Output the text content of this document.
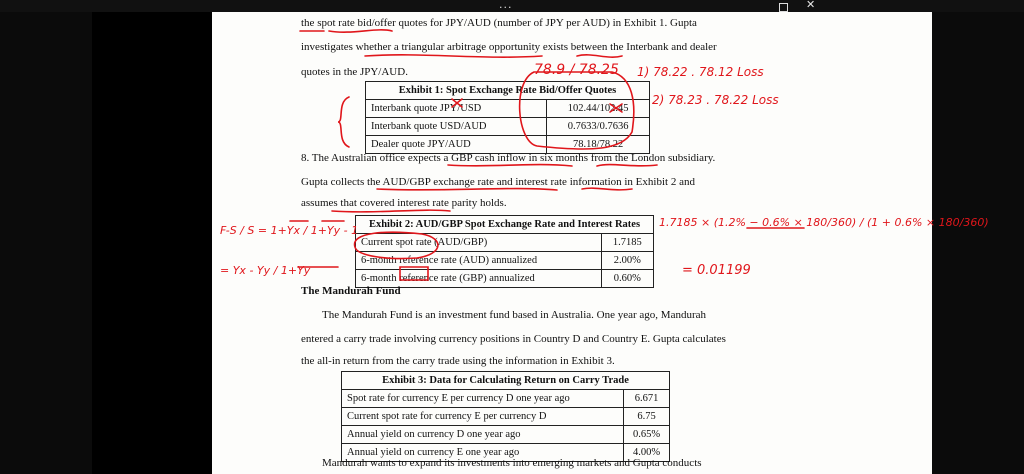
...	✕
the spot rate bid/offer quotes for JPY/AUD (number of JPY per AUD) in Exhibit 1. Gupta
investigates whether a triangular arbitrage opportunity exists between the Interbank and dealer
quotes in the JPY/AUD.
Exhibit 1: Spot Exchange Rate Bid/Offer Quotes	
Interbank quote JPY/USD	102.44/102.45
Interbank quote USD/AUD	0.7633/0.7636
Dealer quote JPY/AUD	78.18/78.22
8. The Australian office expects a GBP cash inflow in six months from the London subsidiary.
Gupta collects the AUD/GBP exchange rate and interest rate information in Exhibit 2 and
assumes that covered interest rate parity holds.
Exhibit 2: AUD/GBP Spot Exchange Rate and Interest Rates	
Current spot rate (AUD/GBP)	1.7185
6-month reference rate (AUD) annualized	2.00%
6-month reference rate (GBP) annualized	0.60%
The Mandurah Fund
The Mandurah Fund is an investment fund based in Australia. One year ago, Mandurah
entered a carry trade involving currency positions in Country D and Country E. Gupta calculates
the all-in return from the carry trade using the information in Exhibit 3.
Exhibit 3: Data for Calculating Return on Carry Trade	
Spot rate for currency E per currency D one year ago	6.671
Current spot rate for currency E per currency D	6.75
Annual yield on currency D one year ago	0.65%
Annual yield on currency E one year ago	4.00%
Mandurah wants to expand its investments into emerging markets and Gupta conducts
78.9 / 78.25 1) 78.22 . 78.12 Loss
2) 78.23 . 78.22 Loss
F-S / S = 1+Yx / 1+Yy - 1
= Yx - Yy / 1+Yy
1.7185 × (1.2% − 0.6% × 180/360) / (1 + 0.6% × 180/360)
= 0.01199
